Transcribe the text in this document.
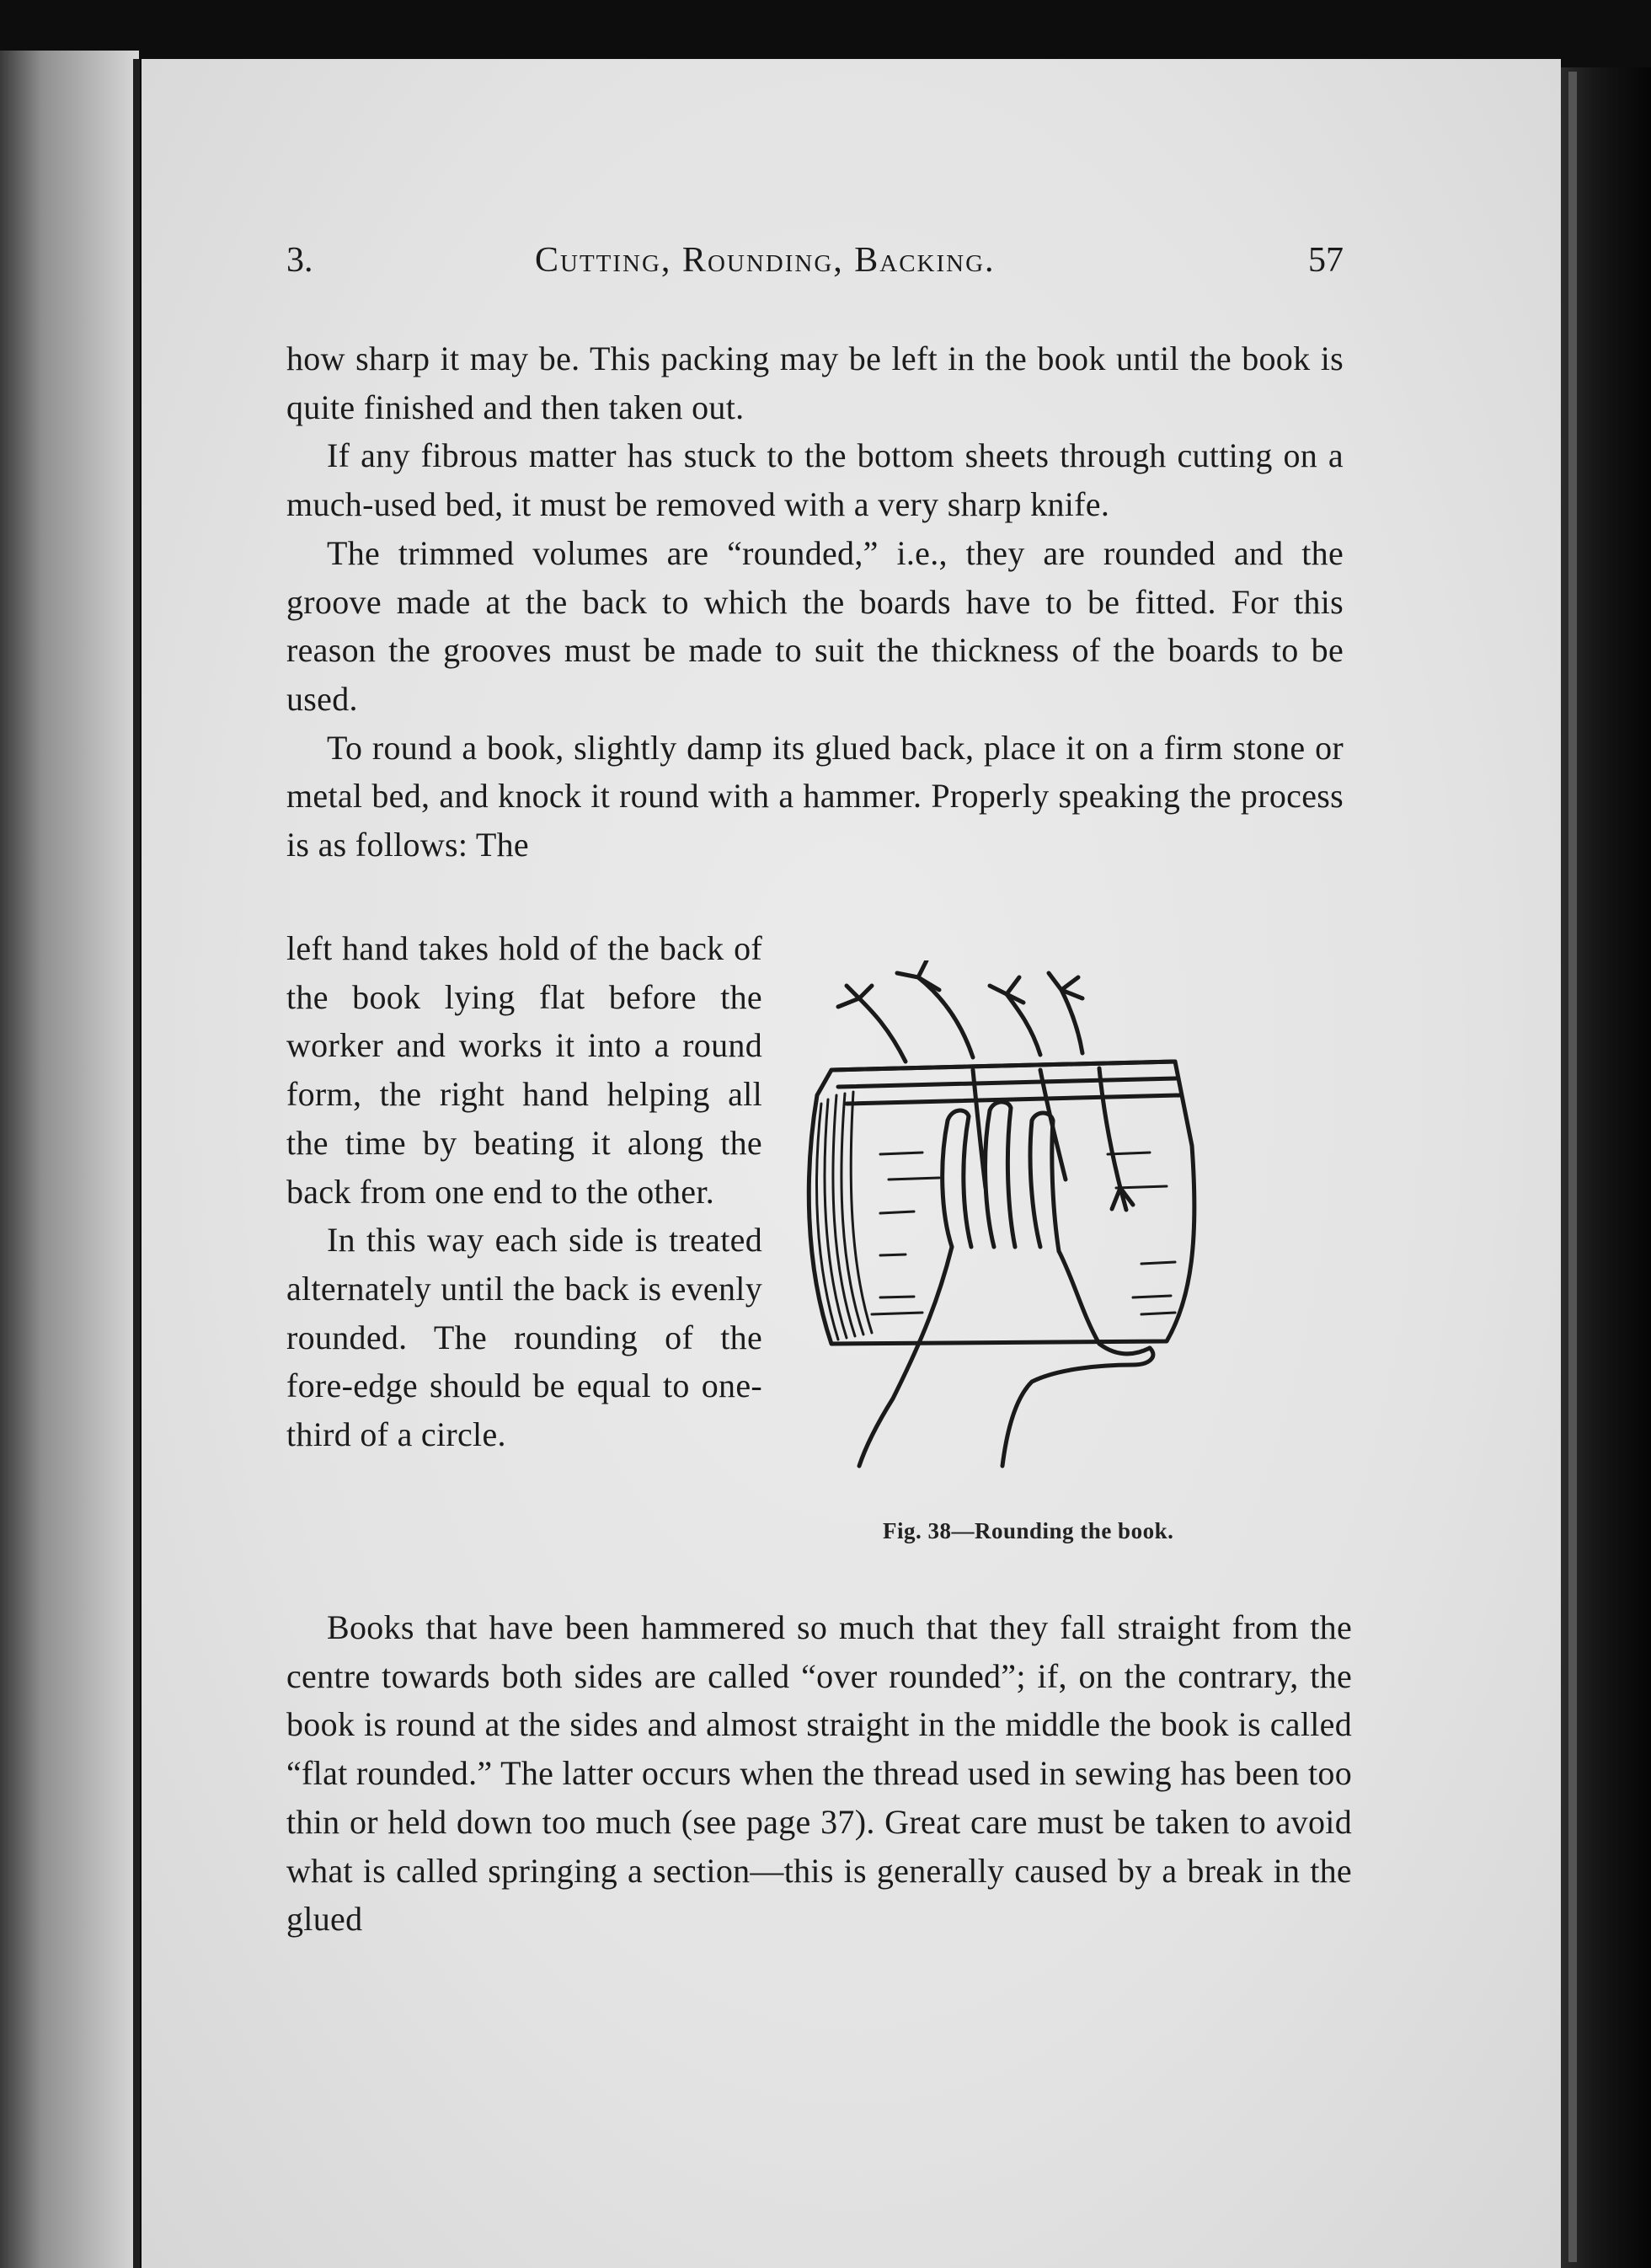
3.	Cutting, Rounding, Backing.	57

how sharp it may be. This packing may be left in the book until the book is quite finished and then taken out.

If any fibrous matter has stuck to the bottom sheets through cutting on a much-used bed, it must be removed with a very sharp knife.

The trimmed volumes are “rounded,” i.e., they are rounded and the groove made at the back to which the boards have to be fitted. For this reason the grooves must be made to suit the thickness of the boards to be used.

To round a book, slightly damp its glued back, place it on a firm stone or metal bed, and knock it round with a hammer. Properly speaking the process is as follows: The

left hand takes hold of the back of the book lying flat before the worker and works it into a round form, the right hand helping all the time by beating it along the back from one end to the other.

In this way each side is treated alternately until the back is evenly rounded. The rounding of the fore-edge should be equal to one-third of a circle.

Fig. 38—Rounding the book.

Books that have been hammered so much that they fall straight from the centre towards both sides are called “over rounded”; if, on the contrary, the book is round at the sides and almost straight in the middle the book is called “flat rounded.” The latter occurs when the thread used in sewing has been too thin or held down too much (see page 37). Great care must be taken to avoid what is called springing a section—this is generally caused by a break in the glued
